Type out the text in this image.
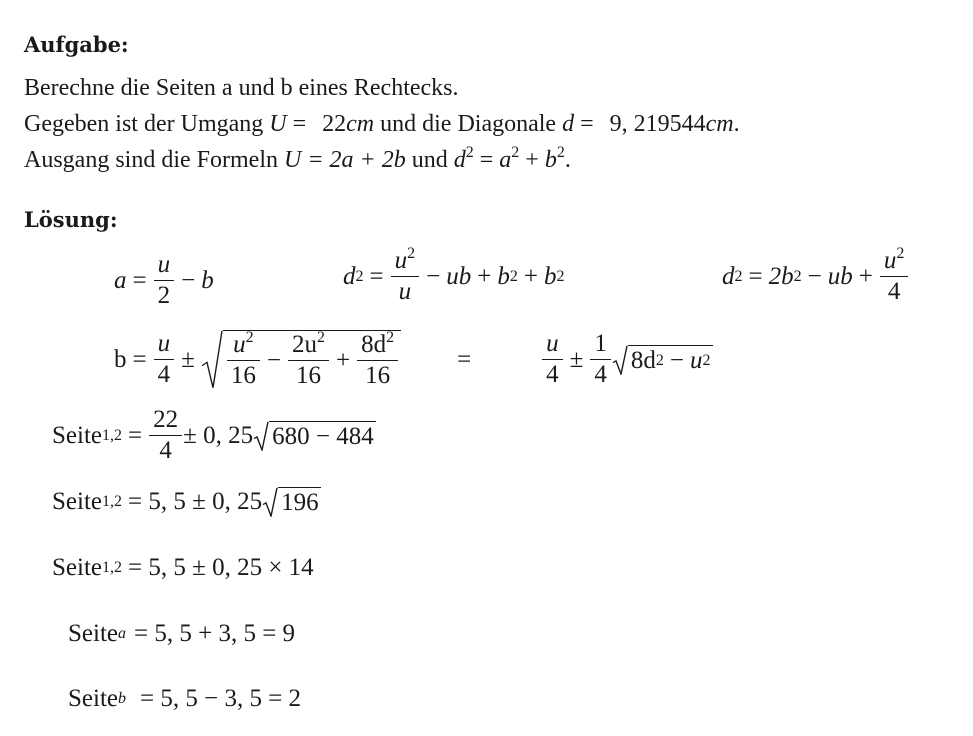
Aufgabe:
Berechne die Seiten a und b eines Rechtecks.
Gegeben ist der Umgang U = 22cm und die Diagonale d = 9, 219544cm.
Ausgang sind die Formeln U = 2a + 2b und $d^2 = a^2 + b^2$.
Lösung:
$a = \frac{u}{2} - b$	d $2 = \frac{u^2}{u}$ − ub + b 2 + b 2	d 2 = 2b 2 − ub + $\frac{u^2}{4}$
$b = \frac{u}{4} \pm \frac{u^2}{16} - \frac{2u^2}{16} + \frac{8d^2}{16}$ =	$\frac{u}{4} \pm \frac{1}{4} 8d$ 2 − u 2
Seite $1,2 = \frac{22}{4} \pm 0$, 25 680 − 484
Seite 1,2 = 5, 5 ± 0, 25 196
Seite 1,2 = 5, 5 ± 0, 25 × 14
Seite a = 5, 5 + 3, 5 = 9
Seite b = 5, 5 − 3, 5 = 2
